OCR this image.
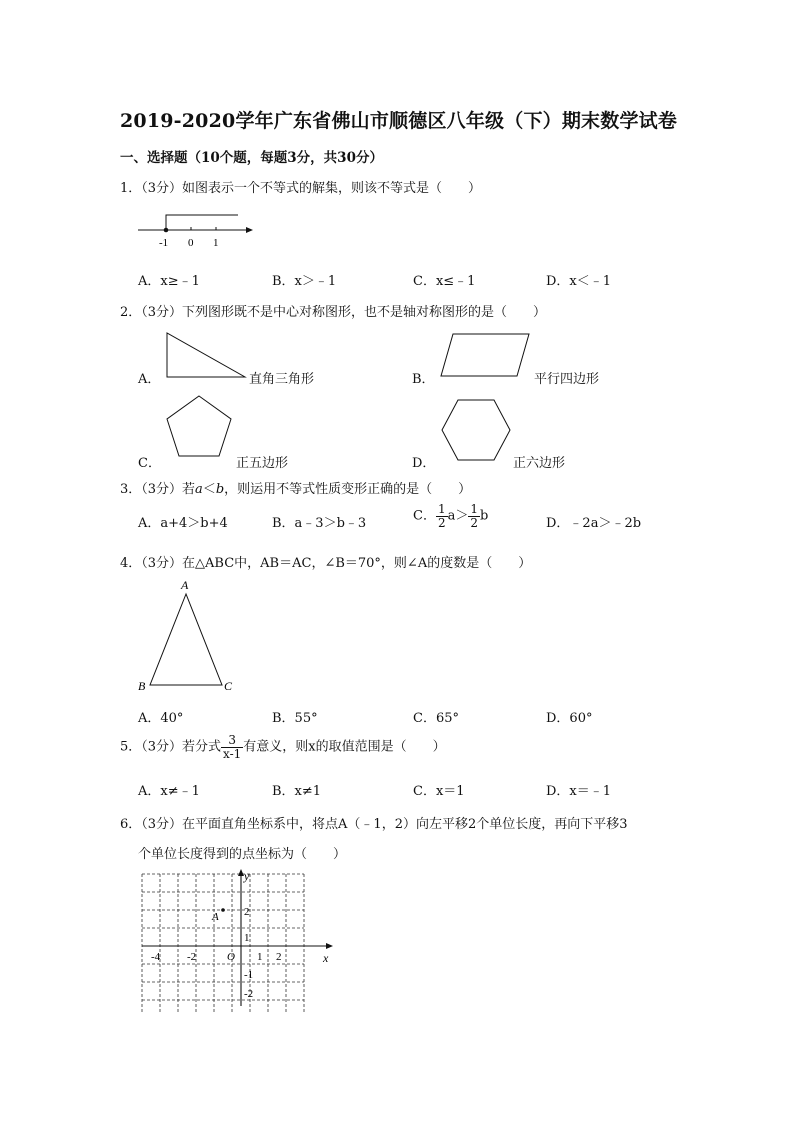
2019-2020学年广东省佛山市顺德区八年级（下）期末数学试卷
一、选择题（10个题，每题3分，共30分）
1．（3分）如图表示一个不等式的解集，则该不等式是（　　）
-1 0 1
A．x≥﹣1	B．x＞﹣1	C．x≤﹣1	D．x＜﹣1
2．（3分）下列图形既不是中心对称图形，也不是轴对称图形的是（　　）
A．	直角三角形	B．	平行四边形
C．	正五边形	D．	正六边形
3．（3分）若a＜b，则运用不等式性质变形正确的是（　　）
A．a+4＞b+4	B．a﹣3＞b﹣3	C． $\frac{1}{2} a> \frac{1}{2}$ b	D．﹣2a＞﹣2b
4．（3分）在△ABC中，AB＝AC，∠B＝70°，则∠A的度数是（　　）
A
B	C
A．40°	B．55°	C．65°	D．60°
5．（3分）若分式 $\frac{3}{x-1}$ 有意义，则x的取值范围是（　　）
A．x≠﹣1	B．x≠1	C．x＝1	D．x＝﹣1
6．（3分）在平面直角坐标系中，将点A（﹣1，2）向左平移2个单位长度，再向下平移3
个单位长度得到的点坐标为（　　）
A
x
y
O
-4 -2	1 2
2
1
-1
-2
